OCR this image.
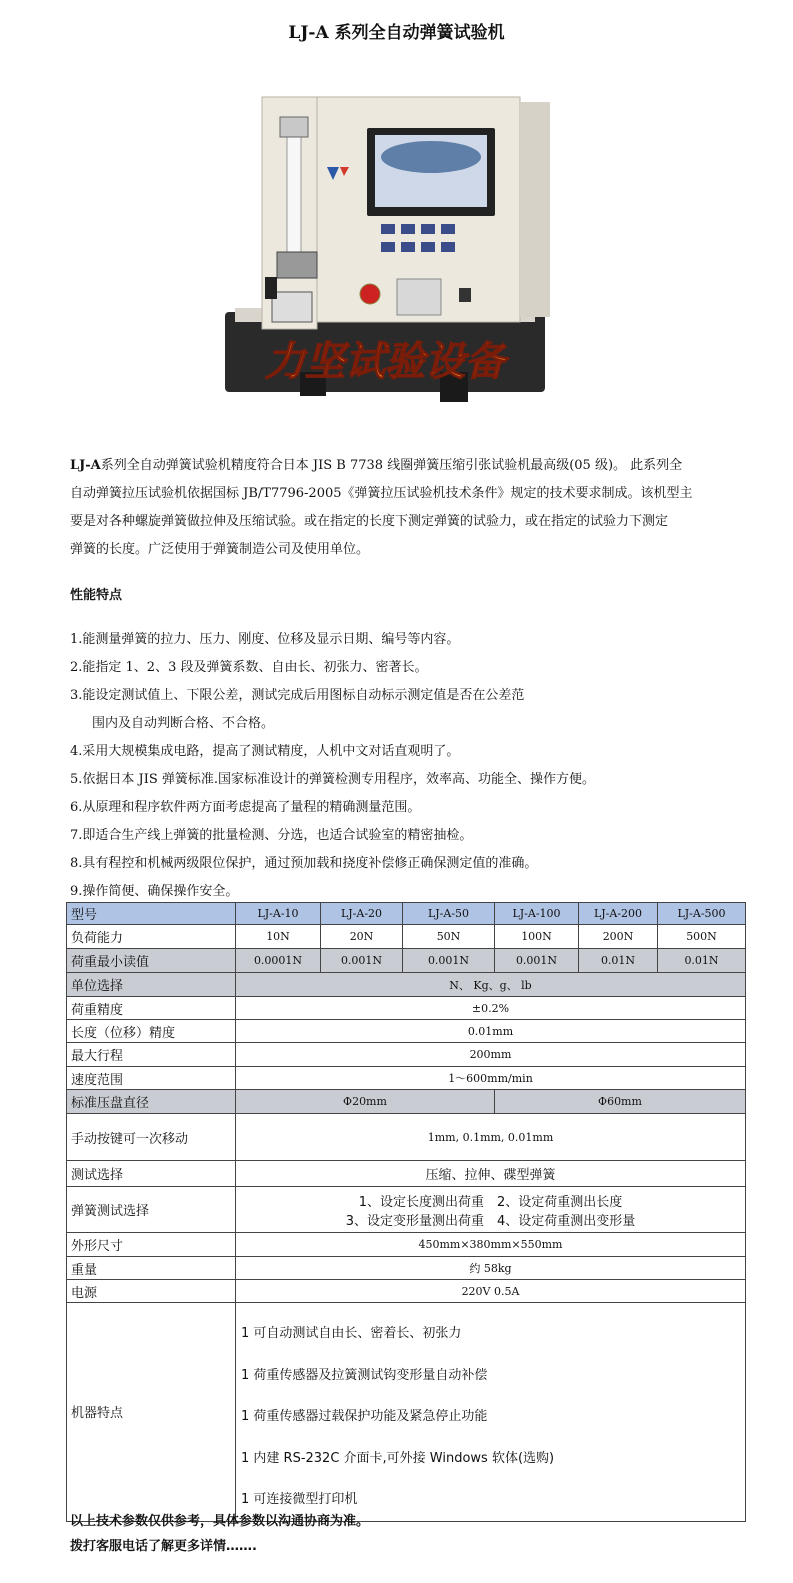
LJ-A 系列全自动弹簧试验机
力坚试验设备
LJ-A系列全自动弹簧试验机精度符合日本 JIS B 7738 线圈弹簧压缩引张试验机最高级(05 级)。 此系列全
自动弹簧拉压试验机依据国标 JB/T7796-2005《弹簧拉压试验机技术条件》规定的技术要求制成。该机型主
要是对各种螺旋弹簧做拉伸及压缩试验。或在指定的长度下测定弹簧的试验力，或在指定的试验力下测定
弹簧的长度。广泛使用于弹簧制造公司及使用单位。
性能特点
1.能测量弹簧的拉力、压力、刚度、位移及显示日期、编号等内容。
2.能指定 1、2、3 段及弹簧系数、自由长、初张力、密著长。
3.能设定测试值上、下限公差，测试完成后用图标自动标示测定值是否在公差范
围内及自动判断合格、不合格。
4.采用大规模集成电路，提高了测试精度，人机中文对话直观明了。
5.依据日本 JIS 弹簧标准.国家标准设计的弹簧检测专用程序，效率高、功能全、操作方便。
6.从原理和程序软件两方面考虑提高了量程的精确测量范围。
7.即适合生产线上弹簧的批量检测、分选，也适合试验室的精密抽检。
8.具有程控和机械两级限位保护，通过预加载和挠度补偿修正确保测定值的准确。
9.操作简便、确保操作安全。
型号	LJ-A-10	LJ-A-20	LJ-A-50	LJ-A-100	LJ-A-200	LJ-A-500
负荷能力	10N	20N	50N	100N	200N	500N
荷重最小读值	0.0001N	0.001N	0.001N	0.001N	0.01N	0.01N
单位选择	N、 Kg、g、 lb					
荷重精度	±0.2%					
长度（位移）精度	0.01mm					
最大行程	200mm					
速度范围	1～600mm/min					
标准压盘直径	Φ20mm			Φ60mm		
手动按键可一次移动	1mm, 0.1mm, 0.01mm					
测试选择	压缩、拉伸、碟型弹簧					
弹簧测试选择	1、设定长度测出荷重　2、设定荷重测出长度
3、设定变形量测出荷重　4、设定荷重测出变形量					

外形尺寸	450mm×380mm×550mm					
重量	约 58kg					
电源	220V 0.5A					
机器特点	1 可自动测试自由长、密着长、初张力
1 荷重传感器及拉簧测试钩变形量自动补偿
1 荷重传感器过载保护功能及紧急停止功能
1 内建 RS-232C 介面卡,可外接 Windows 软体(选购)
1 可连接微型打印机					
以上技术参数仅供参考，具体参数以沟通协商为准。
拨打客服电话了解更多详情…….
